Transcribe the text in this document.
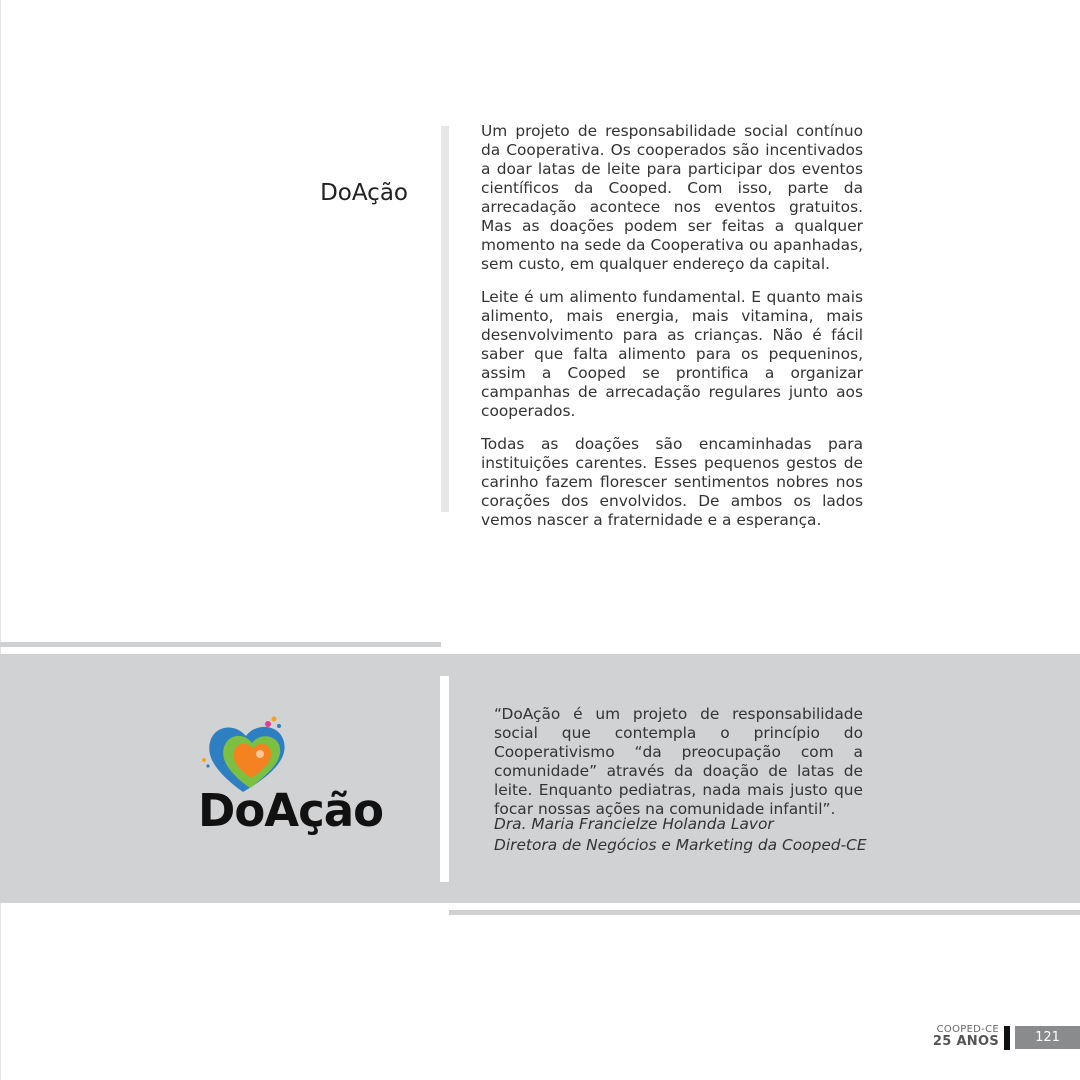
DoAção

Um projeto de responsabilidade social contínuo da Cooperativa. Os cooperados são incentivados a doar latas de leite para participar dos eventos científicos da Cooped. Com isso, parte da arrecadação acontece nos eventos gratuitos. Mas as doações podem ser feitas a qualquer momento na sede da Cooperativa ou apanhadas, sem custo, em qualquer endereço da capital.

Leite é um alimento fundamental. E quanto mais alimento, mais energia, mais vitamina, mais desenvolvimento para as crianças. Não é fácil saber que falta alimento para os pequeninos, assim a Cooped se prontifica a organizar campanhas de arrecadação regulares junto aos cooperados.

Todas as doações são encaminhadas para instituições carentes. Esses pequenos gestos de carinho fazem florescer sentimentos nobres nos corações dos envolvidos. De ambos os lados vemos nascer a fraternidade e a esperança.

DoAção

“DoAção é um projeto de responsabilidade social que contempla o princípio do Cooperativismo “da preocupação com a comunidade” através da doação de latas de leite. Enquanto pediatras, nada mais justo que focar nossas ações na comunidade infantil”.

Dra. Maria Francielze Holanda Lavor
Diretora de Negócios e Marketing da Cooped-CE
COOPED-CE
25 ANOS	121
